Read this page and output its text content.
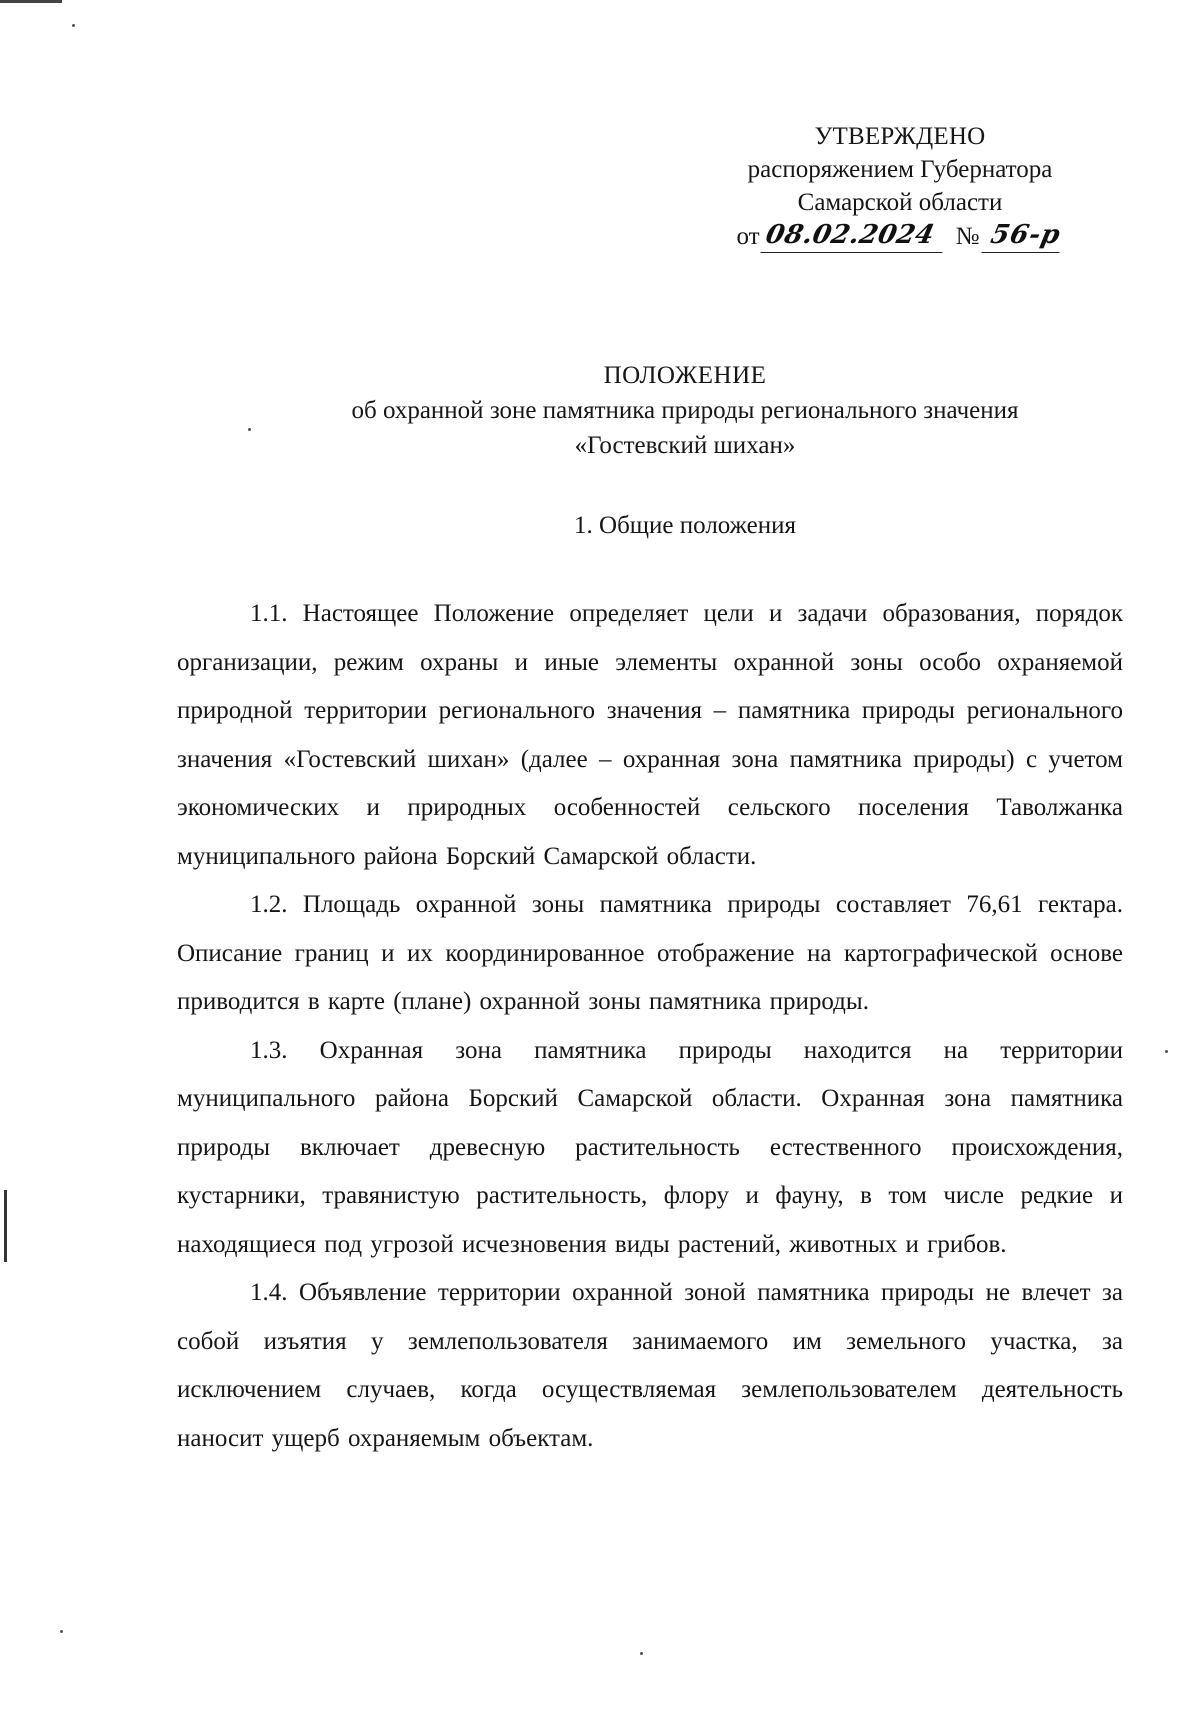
УТВЕРЖДЕНО
распоряжением Губернатора
Самарской области
от 08.02.2024 № 56-р
ПОЛОЖЕНИЕ
об охранной зоне памятника природы регионального значения
«Гостевский шихан»
1. Общие положения

1.1. Настоящее Положение определяет цели и задачи образования, порядок организации, режим охраны и иные элементы охранной зоны особо охраняемой природной территории регионального значения – памятника природы регионального значения «Гостевский шихан» (далее – охранная зона памятника природы) с учетом экономических и природных особенностей сельского поселения Таволжанка муниципального района Борский Самарской области.

1.2. Площадь охранной зоны памятника природы составляет 76,61 гектара. Описание границ и их координированное отображение на картографической основе приводится в карте (плане) охранной зоны памятника природы.

1.3. Охранная зона памятника природы находится на территории муниципального района Борский Самарской области. Охранная зона памятника природы включает древесную растительность естественного происхождения, кустарники, травянистую растительность, флору и фауну, в том числе редкие и находящиеся под угрозой исчезновения виды растений, животных и грибов.

1.4. Объявление территории охранной зоной памятника природы не влечет за собой изъятия у землепользователя занимаемого им земельного участка, за исключением случаев, когда осуществляемая землепользователем деятельность наносит ущерб охраняемым объектам.
